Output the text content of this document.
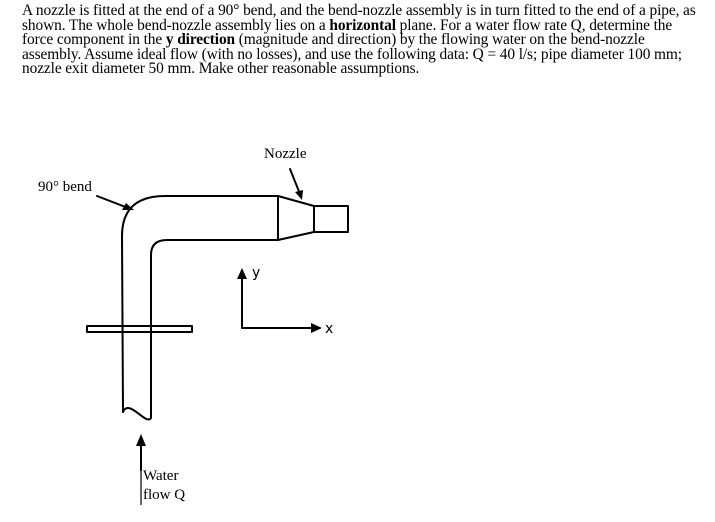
A nozzle is fitted at the end of a 90° bend, and the bend-nozzle assembly is in turn fitted to the end of a pipe, as shown. The whole bend-nozzle assembly lies on a horizontal plane. For a water flow rate Q, determine the force component in the y direction (magnitude and direction) by the flowing water on the bend-nozzle assembly. Assume ideal flow (with no losses), and use the following data: Q = 40 l/s; pipe diameter 100 mm; nozzle exit diameter 50 mm. Make other reasonable assumptions.
Nozzle
90° bend
y
x
Water
flow Q
